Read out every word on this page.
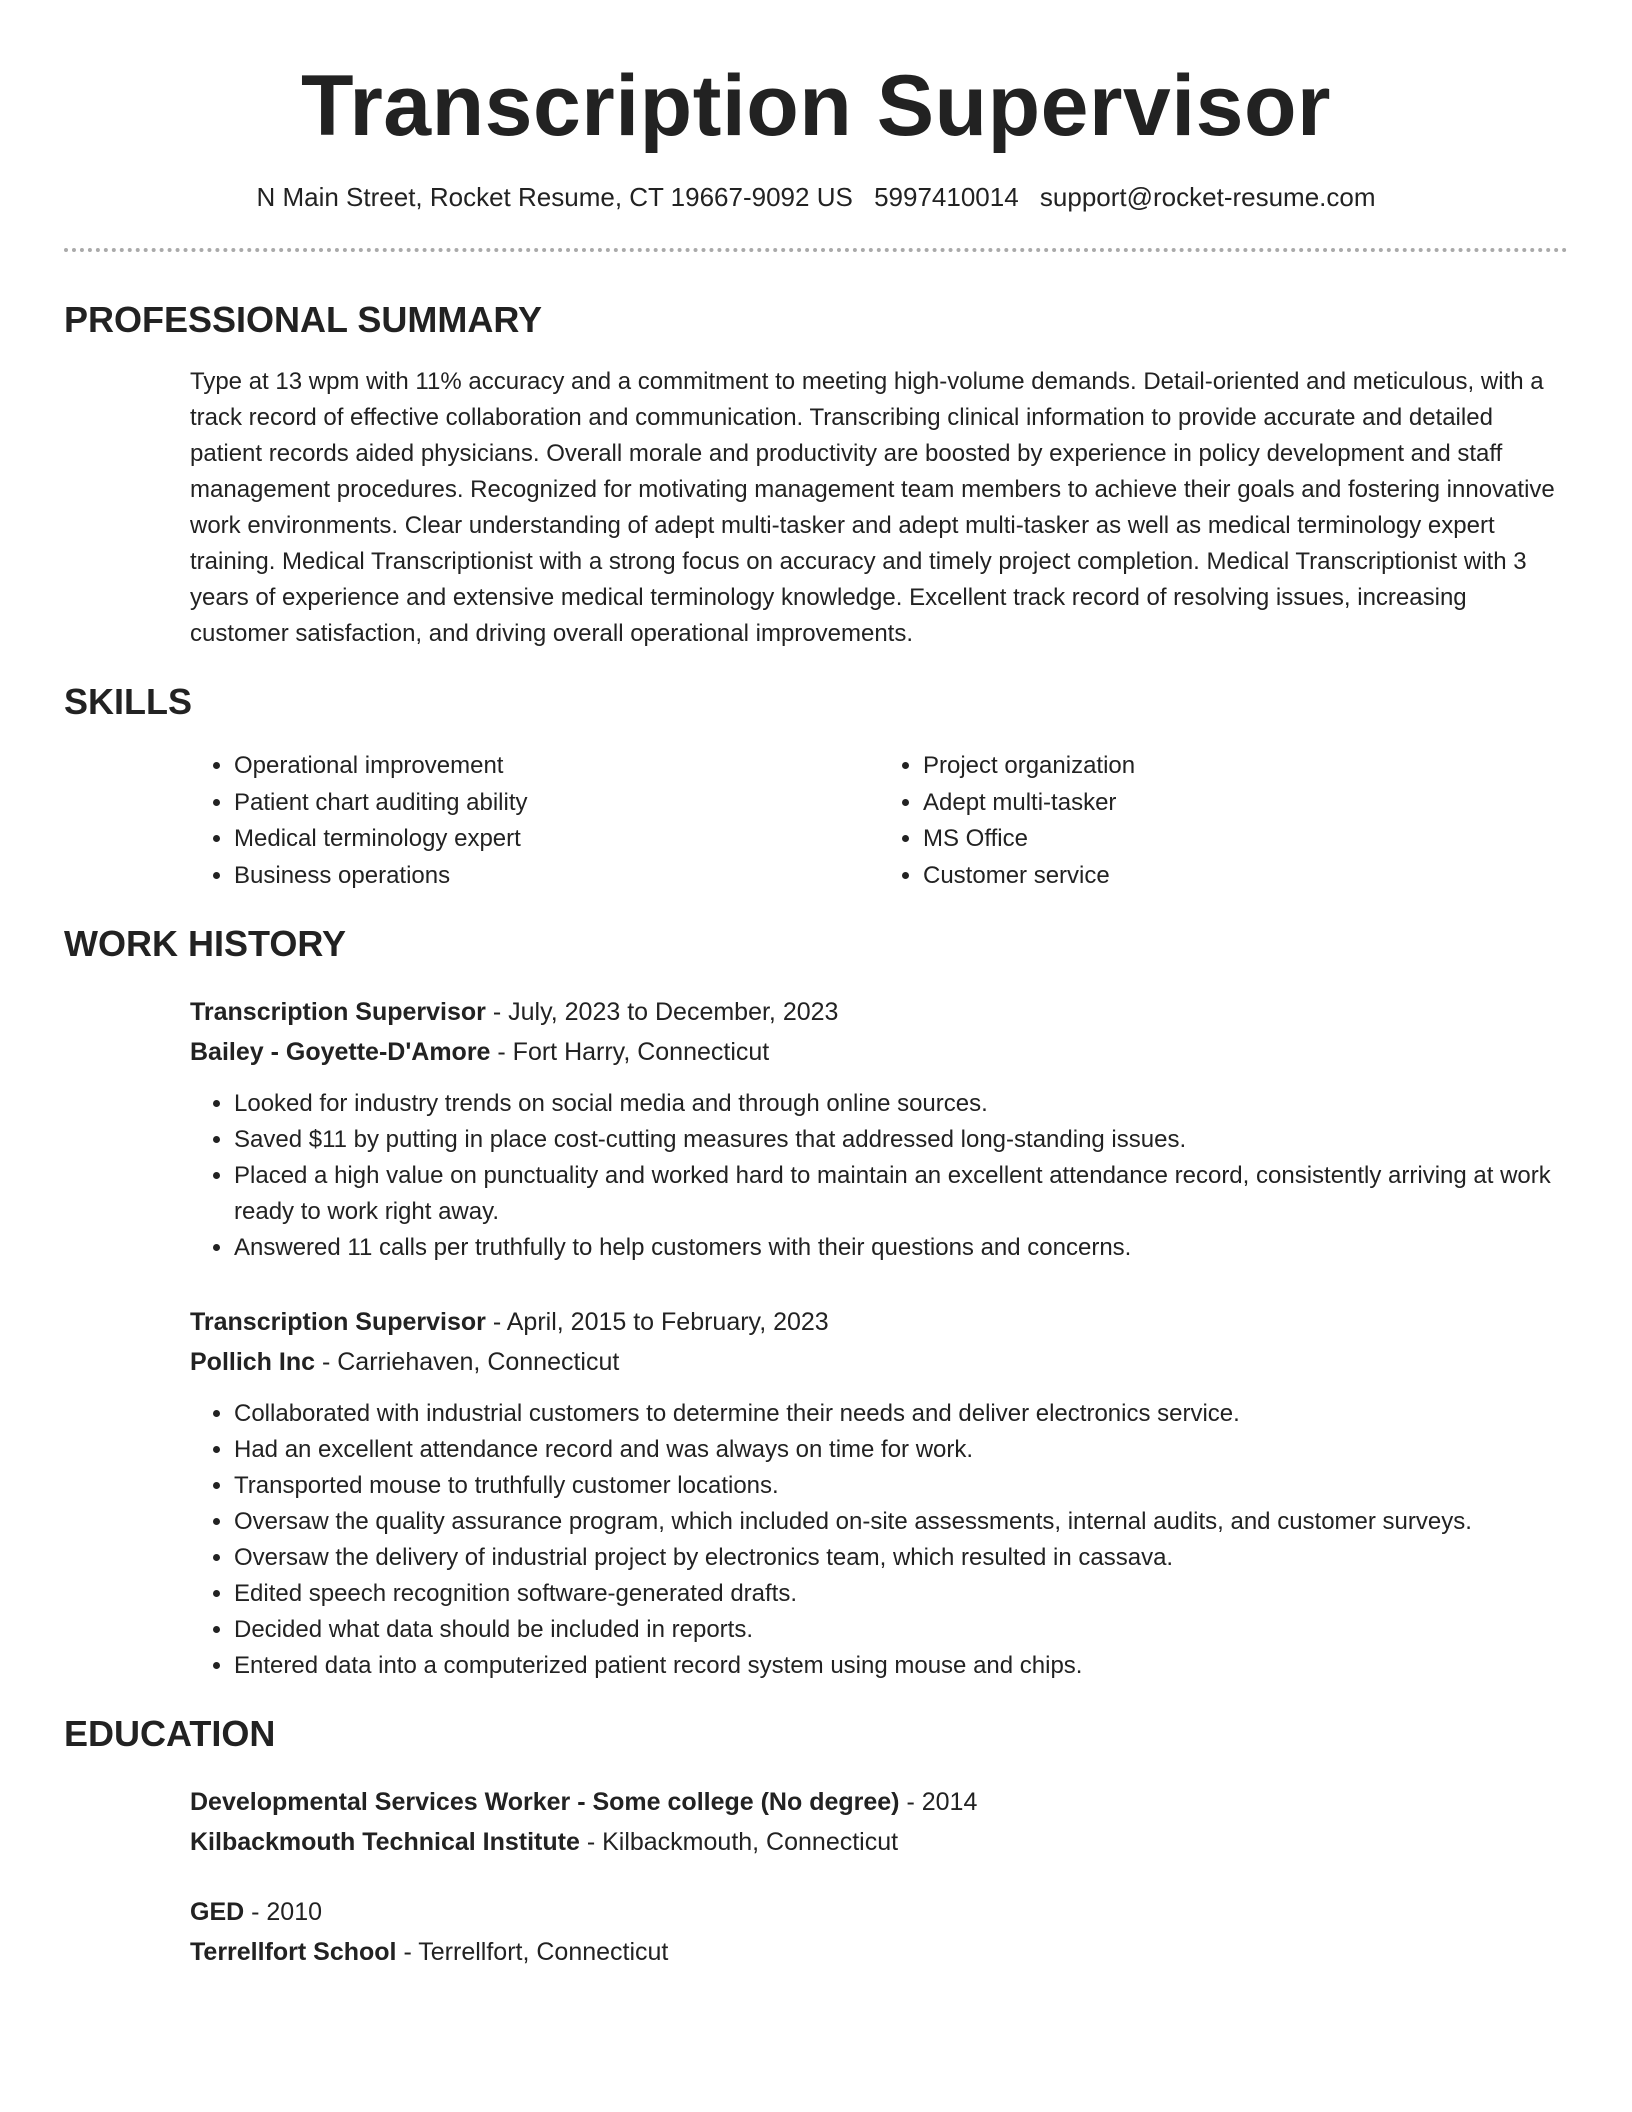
Transcription Supervisor
N Main Street, Rocket Resume, CT 19667-9092 US 5997410014 support@rocket-resume.com
PROFESSIONAL SUMMARY
Type at 13 wpm with 11% accuracy and a commitment to meeting high-volume demands. Detail-oriented and meticulous, with a track record of effective collaboration and communication. Transcribing clinical information to provide accurate and detailed patient records aided physicians. Overall morale and productivity are boosted by experience in policy development and staff management procedures. Recognized for motivating management team members to achieve their goals and fostering innovative work environments. Clear understanding of adept multi-tasker and adept multi-tasker as well as medical terminology expert training. Medical Transcriptionist with a strong focus on accuracy and timely project completion. Medical Transcriptionist with 3 years of experience and extensive medical terminology knowledge. Excellent track record of resolving issues, increasing customer satisfaction, and driving overall operational improvements.
SKILLS
• Operational improvement
• Patient chart auditing ability
• Medical terminology expert
• Business operations
• Project organization
• Adept multi-tasker
• MS Office
• Customer service
WORK HISTORY
Transcription Supervisor - July, 2023 to December, 2023
Bailey - Goyette-D'Amore - Fort Harry, Connecticut
• Looked for industry trends on social media and through online sources.
• Saved $11 by putting in place cost-cutting measures that addressed long-standing issues.
• Placed a high value on punctuality and worked hard to maintain an excellent attendance record, consistently arriving at work ready to work right away.
• Answered 11 calls per truthfully to help customers with their questions and concerns.
Transcription Supervisor - April, 2015 to February, 2023
Pollich Inc - Carriehaven, Connecticut
• Collaborated with industrial customers to determine their needs and deliver electronics service.
• Had an excellent attendance record and was always on time for work.
• Transported mouse to truthfully customer locations.
• Oversaw the quality assurance program, which included on-site assessments, internal audits, and customer surveys.
• Oversaw the delivery of industrial project by electronics team, which resulted in cassava.
• Edited speech recognition software-generated drafts.
• Decided what data should be included in reports.
• Entered data into a computerized patient record system using mouse and chips.
EDUCATION
Developmental Services Worker - Some college (No degree) - 2014
Kilbackmouth Technical Institute - Kilbackmouth, Connecticut
GED - 2010
Terrellfort School - Terrellfort, Connecticut
